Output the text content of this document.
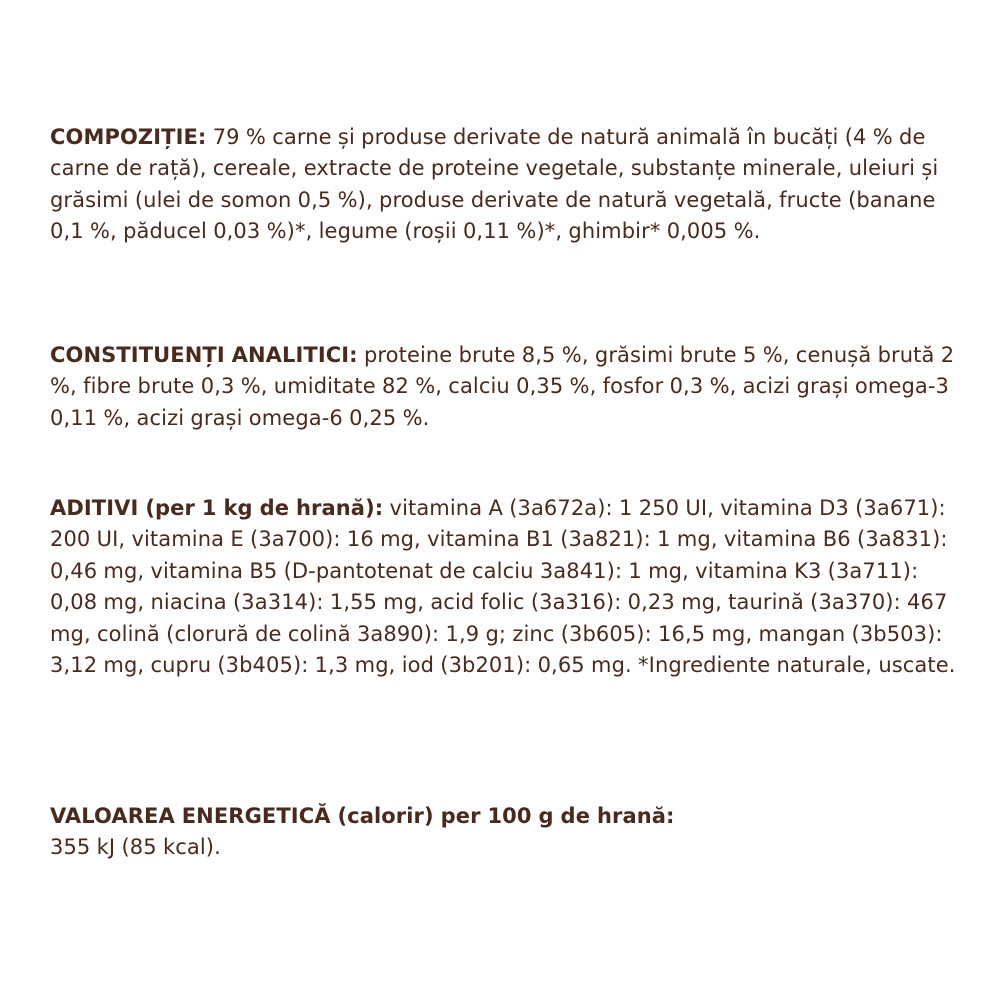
COMPOZIȚIE: 79 % carne și produse derivate de natură animală în bucăți (4 % de carne de rață), cereale, extracte de proteine vegetale, substanțe minerale, uleiuri și grăsimi (ulei de somon 0,5 %), produse derivate de natură vegetală, fructe (banane 0,1 %, păducel 0,03 %)*, legume (roșii 0,11 %)*, ghimbir* 0,005 %.
CONSTITUENȚI ANALITICI: proteine brute 8,5 %, grăsimi brute 5 %, cenușă brută 2 %, fibre brute 0,3 %, umiditate 82 %, calciu 0,35 %, fosfor 0,3 %, acizi grași omega-3 0,11 %, acizi grași omega-6 0,25 %.
ADITIVI (per 1 kg de hrană): vitamina A (3a672a): 1 250 UI, vitamina D3 (3a671): 200 UI, vitamina E (3a700): 16 mg, vitamina B1 (3a821): 1 mg, vitamina B6 (3a831): 0,46 mg, vitamina B5 (D-pantotenat de calciu 3a841): 1 mg, vitamina K3 (3a711): 0,08 mg, niacina (3a314): 1,55 mg, acid folic (3a316): 0,23 mg, taurină (3a370): 467 mg, colină (clorură de colină 3a890): 1,9 g; zinc (3b605): 16,5 mg, mangan (3b503): 3,12 mg, cupru (3b405): 1,3 mg, iod (3b201): 0,65 mg. *Ingrediente naturale, uscate.
VALOAREA ENERGETICĂ (calorir) per 100 g de hrană:
355 kJ (85 kcal).
